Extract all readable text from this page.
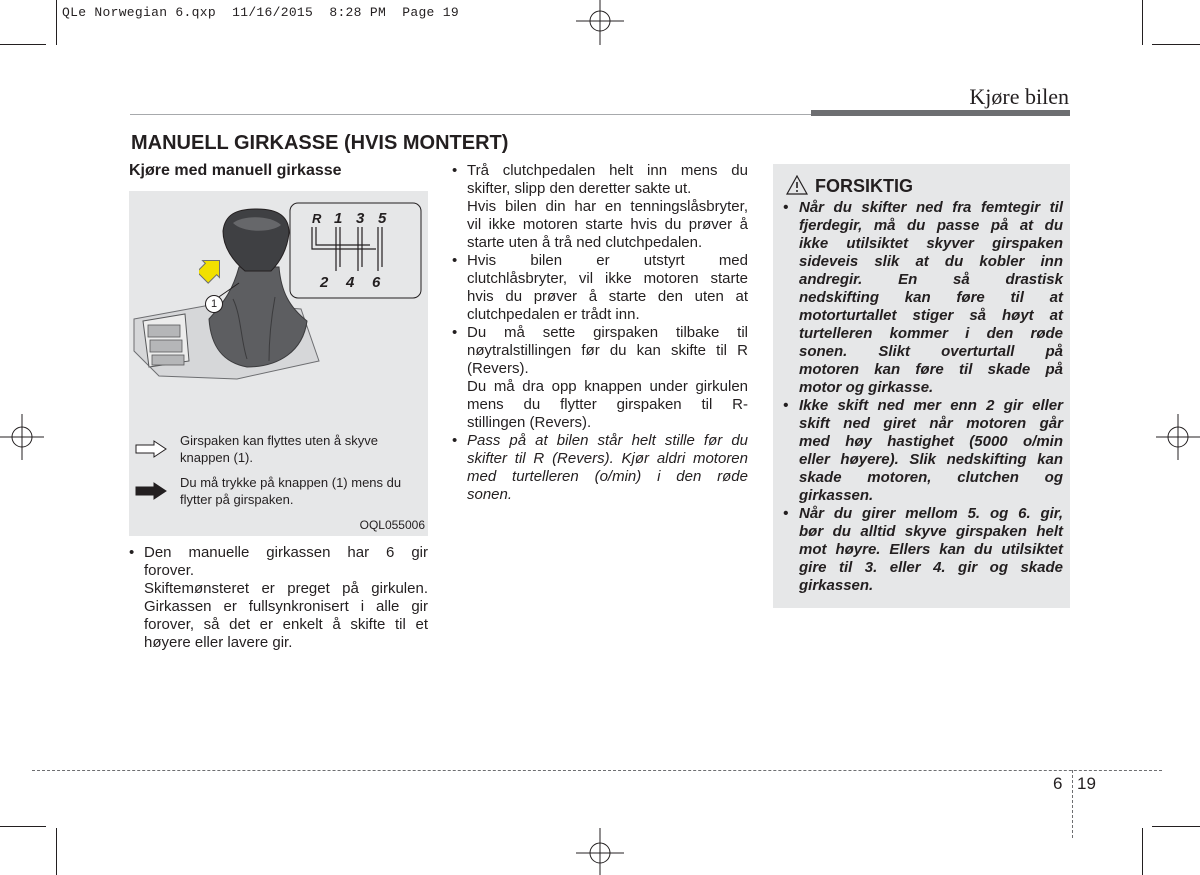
QLe Norwegian 6.qxp  11/16/2015  8:28 PM  Page 19
Kjøre bilen
MANUELL GIRKASSE (HVIS MONTERT)
Kjøre med manuell girkasse
R 1 3 5
2 4 6
1
Girspaken kan flyttes uten å skyve
knappen (1).
Du må trykke på knappen (1) mens du
flytter på girspaken.
OQL055006
• Den manuelle girkassen har 6 gir
forover.
Skiftemønsteret er preget på girkulen.
Girkassen er fullsynkronisert i alle gir
forover, så det er enkelt å skifte til et
høyere eller lavere gir.
• Trå clutchpedalen helt inn mens du
skifter, slipp den deretter sakte ut.
Hvis bilen din har en tenningslåsbryter,
vil ikke motoren starte hvis du prøver å
starte uten å trå ned clutchpedalen.
• Hvis bilen er utstyrt med
clutchlåsbryter, vil ikke motoren starte
hvis du prøver å starte den uten at
clutchpedalen er trådt inn.
• Du må sette girspaken tilbake til
nøytralstillingen før du kan skifte til R
(Revers).
Du må dra opp knappen under girkulen
mens du flytter girspaken til R-
stillingen (Revers).
• Pass på at bilen står helt stille før du
skifter til R (Revers). Kjør aldri motoren
med turtelleren (o/min) i den røde
sonen.
FORSIKTIG
• Når du skifter ned fra femtegir til
fjerdegir, må du passe på at du
ikke utilsiktet skyver girspaken
sideveis slik at du kobler inn
andregir. En så drastisk
nedskifting kan føre til at
motorturtallet stiger så høyt at
turtelleren kommer i den røde
sonen. Slikt overturtall på
motoren kan føre til skade på
motor og girkasse.
• Ikke skift ned mer enn 2 gir eller
skift ned giret når motoren går
med høy hastighet (5000 o/min
eller høyere). Slik nedskifting kan
skade motoren, clutchen og
girkassen.
• Når du girer mellom 5. og 6. gir,
bør du alltid skyve girspaken helt
mot høyre. Ellers kan du utilsiktet
gire til 3. eller 4. gir og skade
girkassen.
6 19
